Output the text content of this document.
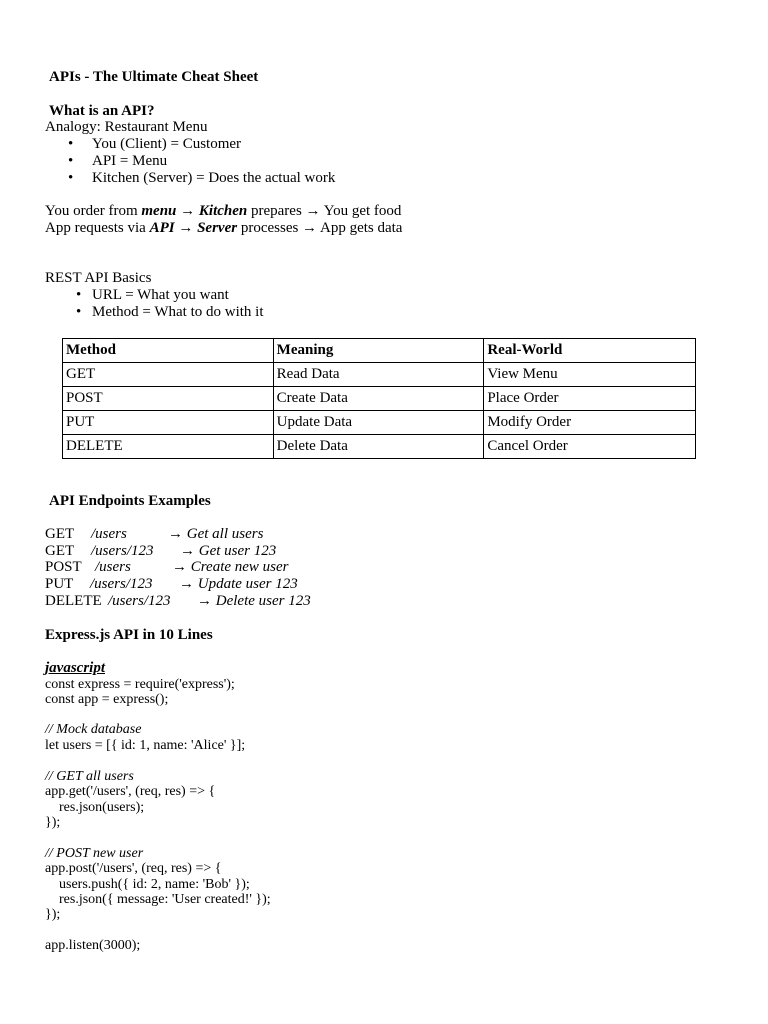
APIs - The Ultimate Cheat Sheet
What is an API?
Analogy: Restaurant Menu
• You (Client) = Customer
• API = Menu
• Kitchen (Server) = Does the actual work
You order from menu → Kitchen prepares → You get food
App requests via API → Server processes → App gets data
REST API Basics
• URL = What you want
• Method = What to do with it
Method	Meaning	Real-World
GET	Read Data	View Menu
POST	Create Data	Place Order
PUT	Update Data	Modify Order
DELETE	Delete Data	Cancel Order
API Endpoints Examples
GET /users	→ Get all users
GET /users/123 → Get user 123
POST /users	→ Create new user
PUT /users/123 → Update user 123
DELETE /users/123 → Delete user 123
Express.js API in 10 Lines
javascript
const express = require('express');
const app = express();
// Mock database
let users = [{ id: 1, name: 'Alice' }];
// GET all users
app.get('/users', (req, res) => {
res.json(users);
});
// POST new user
app.post('/users', (req, res) => {
users.push({ id: 2, name: 'Bob' });
res.json({ message: 'User created!' });
});
app.listen(3000);
